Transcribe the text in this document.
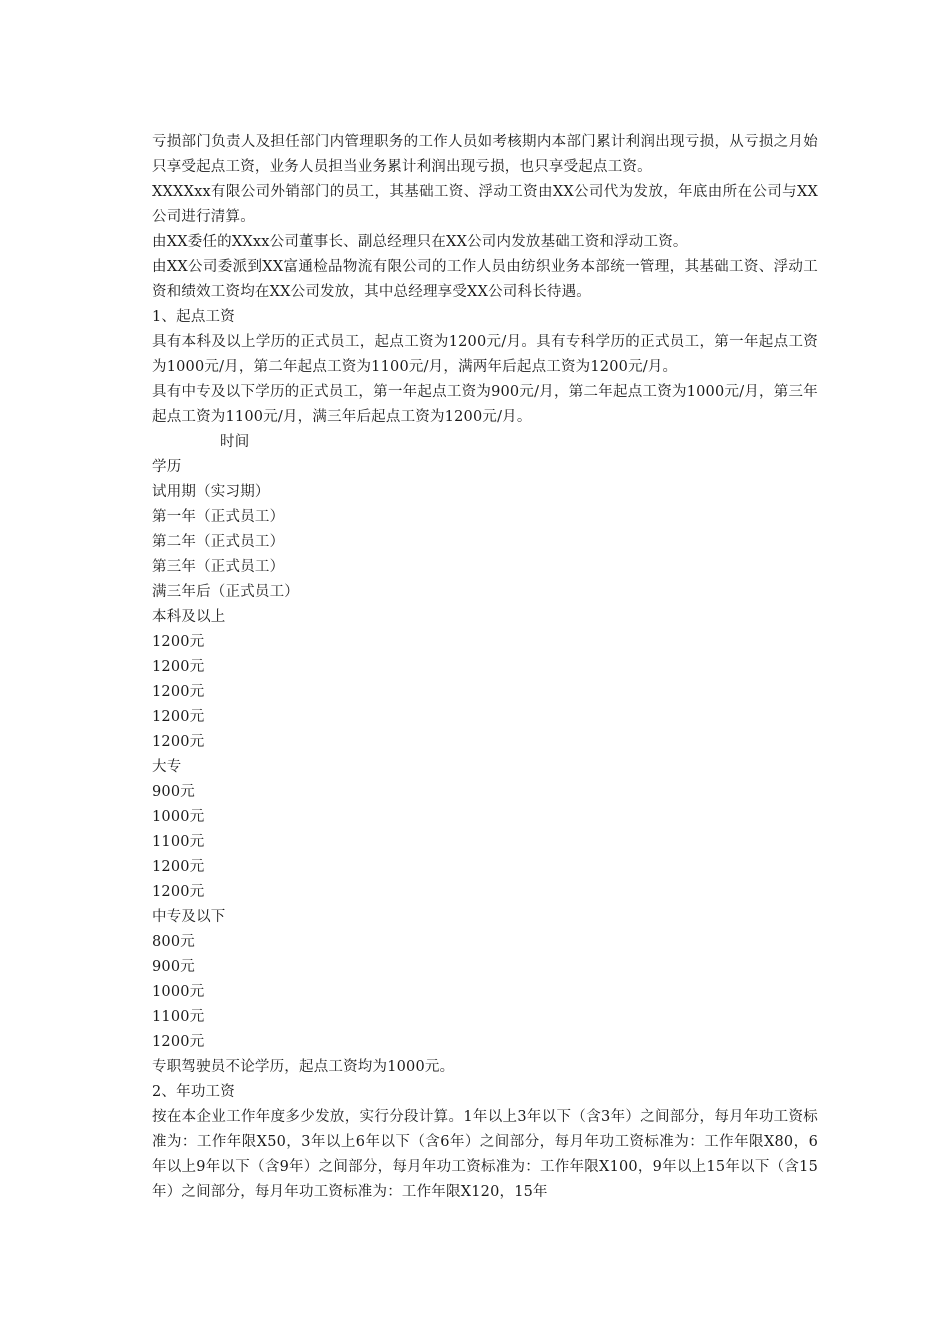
亏损部门负责人及担任部门内管理职务的工作人员如考核期内本部门累计利润出现亏损，从亏损之月始只享受起点工资，业务人员担当业务累计利润出现亏损，也只享受起点工资。

XXXXxx有限公司外销部门的员工，其基础工资、浮动工资由XX公司代为发放，年底由所在公司与XX公司进行清算。

由XX委任的XXxx公司董事长、副总经理只在XX公司内发放基础工资和浮动工资。

由XX公司委派到XX富通检品物流有限公司的工作人员由纺织业务本部统一管理，其基础工资、浮动工资和绩效工资均在XX公司发放，其中总经理享受XX公司科长待遇。

1、起点工资

具有本科及以上学历的正式员工，起点工资为1200元/月。具有专科学历的正式员工，第一年起点工资为1000元/月，第二年起点工资为1100元/月，满两年后起点工资为1200元/月。

具有中专及以下学历的正式员工，第一年起点工资为900元/月，第二年起点工资为1000元/月，第三年起点工资为1100元/月，满三年后起点工资为1200元/月。

时间

学历

试用期（实习期）

第一年（正式员工）

第二年（正式员工）

第三年（正式员工）

满三年后（正式员工）

本科及以上

1200元

1200元

1200元

1200元

1200元

大专

900元

1000元

1100元

1200元

1200元

中专及以下

800元

900元

1000元

1100元

1200元

专职驾驶员不论学历，起点工资均为1000元。

2、年功工资

按在本企业工作年度多少发放，实行分段计算。1年以上3年以下（含3年）之间部分，每月年功工资标准为：工作年限X50，3年以上6年以下（含6年）之间部分，每月年功工资标准为：工作年限X80，6年以上9年以下（含9年）之间部分，每月年功工资标准为：工作年限X100，9年以上15年以下（含15年）之间部分，每月年功工资标准为：工作年限X120，15年
